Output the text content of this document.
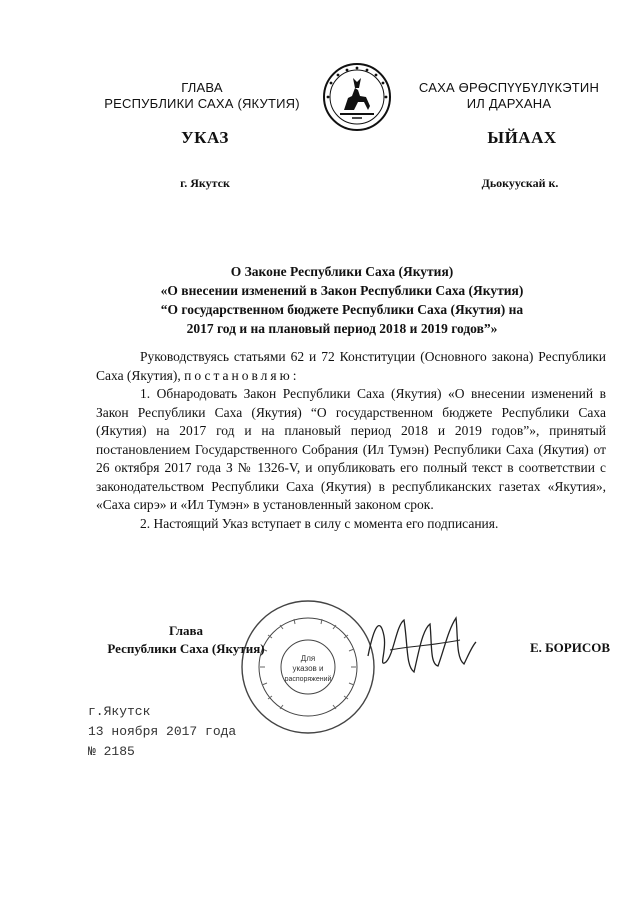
ГЛАВА
РЕСПУБЛИКИ САХА (ЯКУТИЯ)
САХА ӨРӨСПҮҮБҮЛҮКЭТИН
ИЛ ДАРХАНА
УКАЗ	ЫЙААХ
г. Якутск	Дьокуускай к.
О Законе Республики Саха (Якутия)
«О внесении изменений в Закон Республики Саха (Якутия)
“О государственном бюджете Республики Саха (Якутия) на
2017 год и на плановый период 2018 и 2019 годов”»

Руководствуясь статьями 62 и 72 Конституции (Основного закона) Республики Саха (Якутия), постановляю:

1. Обнародовать Закон Республики Саха (Якутия) «О внесении изменений в Закон Республики Саха (Якутия) “О государственном бюджете Республики Саха (Якутия) на 2017 год и на плановый период 2018 и 2019 годов”», принятый постановлением Государственного Собрания (Ил Тумэн) Республики Саха (Якутия) от 26 октября 2017 года З № 1326-V, и опубликовать его полный текст в соответствии с законодательством Республики Саха (Якутия) в республиканских газетах «Якутия», «Саха сирэ» и «Ил Тумэн» в установленный законом срок.

2. Настоящий Указ вступает в силу с момента его подписания.

Для
указов и
распоряжений
Глава
Республики Саха (Якутия)	Е. БОРИСОВ
г.Якутск
13 ноября 2017 года
№ 2185
